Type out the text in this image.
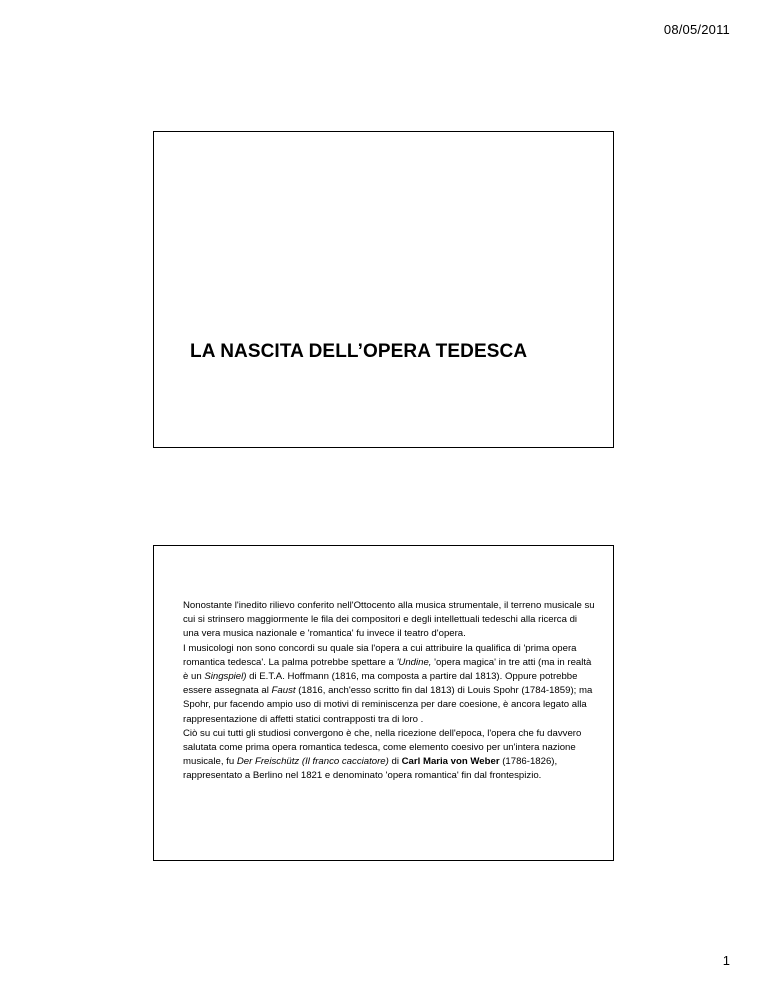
08/05/2011
LA NASCITA DELL’OPERA TEDESCA

Nonostante l'inedito rilievo conferito nell'Ottocento alla musica strumentale, il terreno musicale su cui si strinsero maggiormente le fila dei compositori e degli intellettuali tedeschi alla ricerca di una vera musica nazionale e 'romantica' fu invece il teatro d'opera.

I musicologi non sono concordi su quale sia l'opera a cui attribuire la qualifica di 'prima opera romantica tedesca'. La palma potrebbe spettare a 'Undine, 'opera magica' in tre atti (ma in realtà è un Singspiel) di E.T.A. Hoffmann (1816, ma composta a partire dal 1813). Oppure potrebbe essere assegnata al Faust (1816, anch'esso scritto fin dal 1813) di Louis Spohr (1784-1859); ma Spohr, pur facendo ampio uso di motivi di reminiscenza per dare coesione, è ancora legato alla rappresentazione di affetti statici contrapposti tra di loro .

Ciò su cui tutti gli studiosi convergono è che, nella ricezione dell'epoca, l'opera che fu davvero salutata come prima opera romantica tedesca, come elemento coesivo per un'intera nazione musicale, fu Der Freischütz (Il franco cacciatore) di Carl Maria von Weber (1786-1826), rappresentato a Berlino nel 1821 e denominato 'opera romantica' fin dal frontespizio.

1
